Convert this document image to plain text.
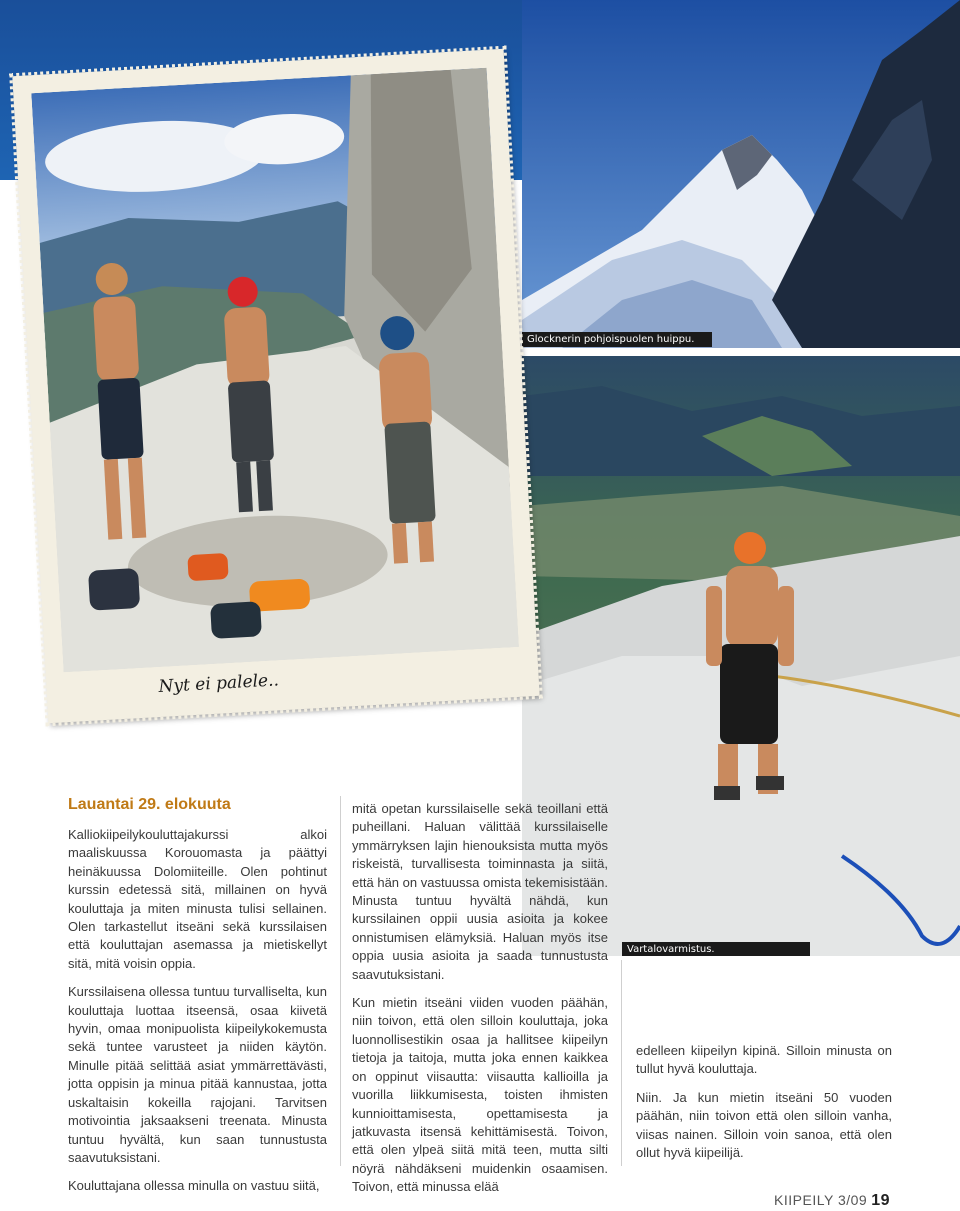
Glocknerin pohjoispuolen huippu.
Vartalovarmistus.
Nyt ei palele..
Lauantai 29. elokuuta

Kalliokiipeilykouluttajakurssi alkoi maaliskuussa Korouomasta ja päättyi heinäkuussa Dolomiiteille. Olen pohtinut kurssin edetessä sitä, millainen on hyvä kouluttaja ja miten minusta tulisi sellainen. Olen tarkastellut itseäni sekä kurssilaisen että kouluttajan asemassa ja mietiskellyt sitä, mitä voisin oppia.

Kurssilaisena ollessa tuntuu turvalliselta, kun kouluttaja luottaa itseensä, osaa kiivetä hyvin, omaa monipuolista kiipeilykokemusta sekä tuntee varusteet ja niiden käytön. Minulle pitää selittää asiat ymmärrettävästi, jotta oppisin ja minua pitää kannustaa, jotta uskaltaisin kokeilla rajojani. Tarvitsen motivointia jaksaakseni treenata. Minusta tuntuu hyvältä, kun saan tunnustusta saavutuksistani.

Kouluttajana ollessa minulla on vastuu siitä,

mitä opetan kurssilaiselle sekä teoillani että puheillani. Haluan välittää kurssilaiselle ymmärryksen lajin hienouksista mutta myös riskeistä, turvallisesta toiminnasta ja siitä, että hän on vastuussa omista tekemisistään. Minusta tuntuu hyvältä nähdä, kun kurssilainen oppii uusia asioita ja kokee onnistumisen elämyksiä. Haluan myös itse oppia uusia asioita ja saada tunnustusta saavutuksistani.

Kun mietin itseäni viiden vuoden päähän, niin toivon, että olen silloin kouluttaja, joka luonnollisestikin osaa ja hallitsee kiipeilyn tietoja ja taitoja, mutta joka ennen kaikkea on oppinut viisautta: viisautta kallioilla ja vuorilla liikkumisesta, toisten ihmisten kunnioittamisesta, opettamisesta ja jatkuvasta itsensä kehittämisestä. Toivon, että olen ylpeä siitä mitä teen, mutta silti nöyrä nähdäkseni muidenkin osaamisen. Toivon, että minussa elää

edelleen kiipeilyn kipinä. Silloin minusta on tullut hyvä kouluttaja.

Niin. Ja kun mietin itseäni 50 vuoden päähän, niin toivon että olen silloin vanha, viisas nainen. Silloin voin sanoa, että olen ollut hyvä kiipeilijä.

KIIPEILY 3/09 19
